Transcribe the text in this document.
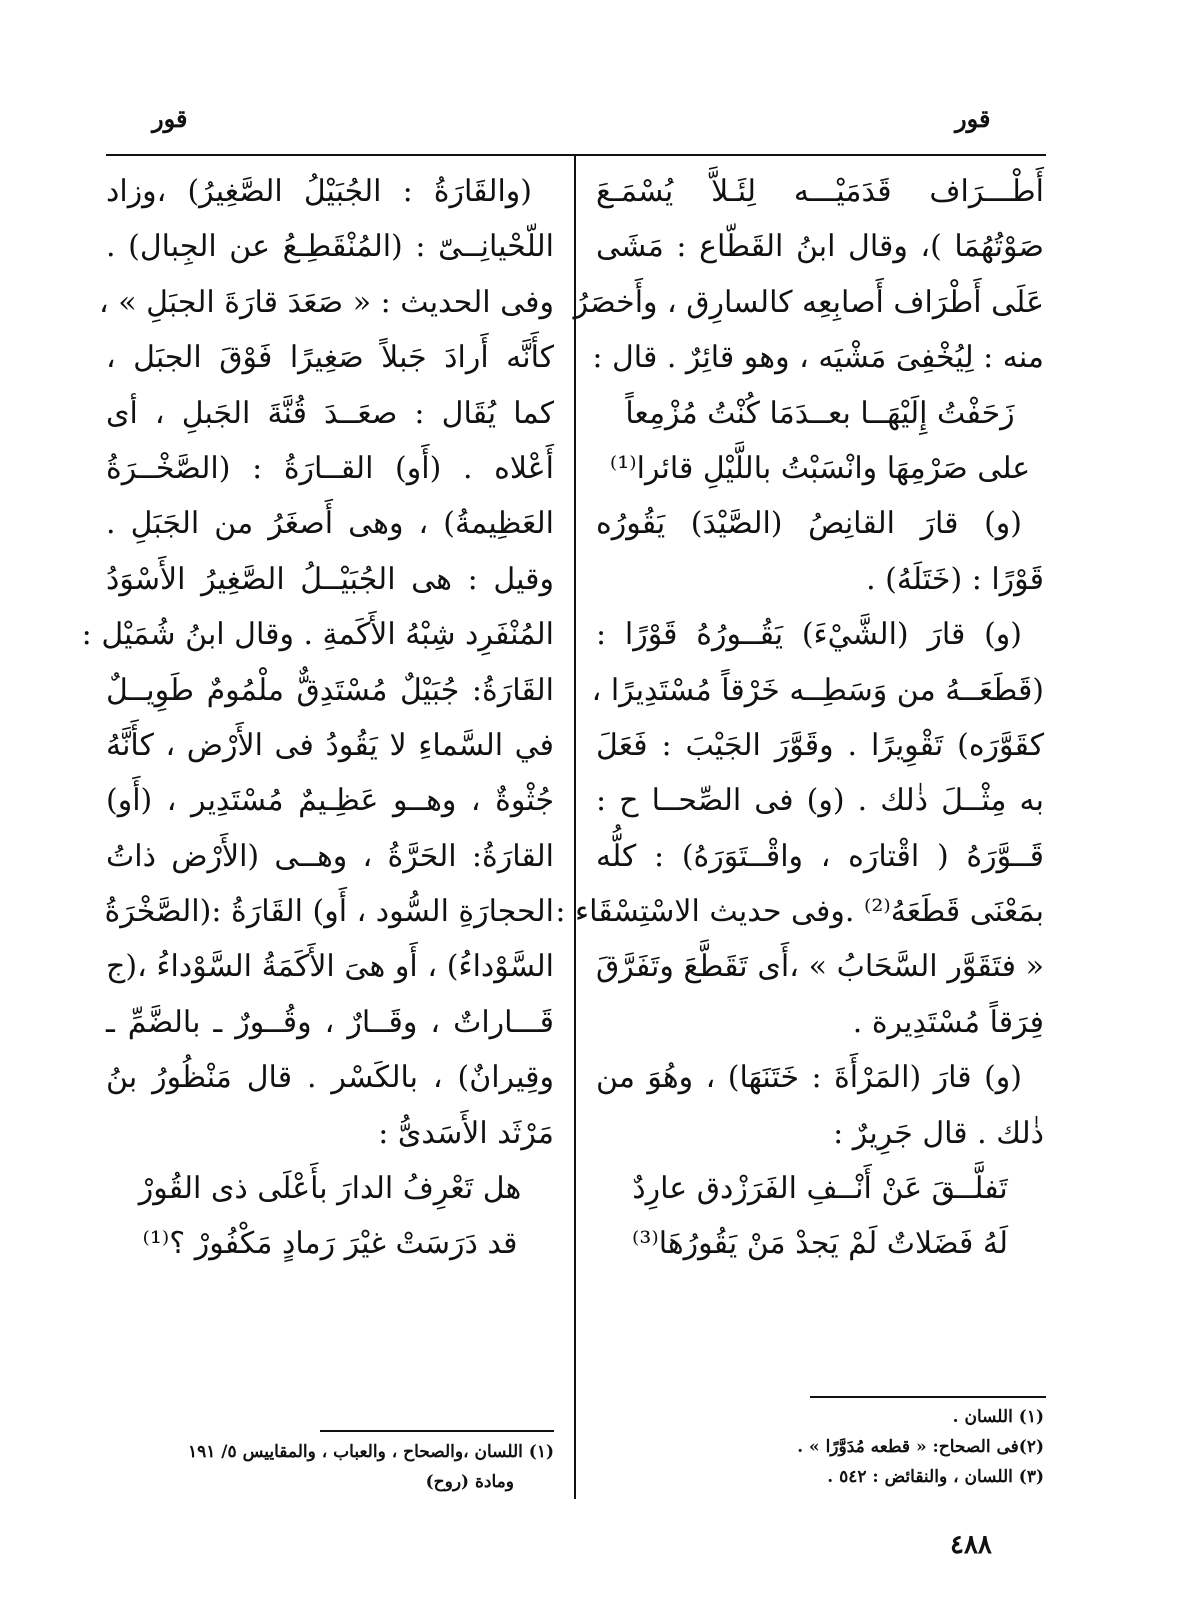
قور
قور
أَطْـــرَاف قَدَمَيْـــه لِئَـلاَّ يُسْمَـعَ
صَوْتُهُمَا )، وقال ابنُ القَطّاع : مَشَى
عَلَى أَطْرَاف أَصابِعِه كالسارِق ، وأَخصَرُ
منه : لِيُخْفِىَ مَشْيَه ، وهو قائِرٌ . قال :
زَحَفْتُ إِلَيْهَــا بعــدَمَا كُنْتُ مُزْمِعاً
على صَرْمِهَا وانْسَبْتُ باللَّيْلِ قائرا⁽¹⁾
(و) قارَ القانِصُ (الصَّيْدَ) يَقُورُه
قَوْرًا : (خَتَلَهُ) .
(و) قارَ (الشَّيْءَ) يَقُــورُهُ قَوْرًا :
(قَطَعَــهُ من وَسَطِــه خَرْقاً مُسْتَدِيرًا ،
كقَوَّرَه) تَقْوِيرًا . وقَوَّرَ الجَيْبَ : فَعَلَ
به مِثْــلَ ذٰلك . (و) فى الصِّحــا ح :
قَــوَّرَهُ ( اقْتارَه ، واقْــتَوَرَهُ) : كلُّه
بمَعْنَى قَطَعَهُ⁽²⁾ .وفى حديث الاسْتِسْقَاء :
« فتَقَوَّر السَّحَابُ » ،أَى تَقَطَّعَ وتَفَرَّقَ
فِرَقاً مُسْتَدِيرة .
(و) قارَ (المَرْأَةَ : خَتَنَهَا) ، وهُوَ من
ذٰلك . قال جَرِيرٌ :
تَفلَّــقَ عَنْ أَنْــفِ الفَرَزْدق عارِدٌ
لَهُ فَضَلاتٌ لَمْ يَجدْ مَنْ يَقُورُهَا⁽³⁾
(١) اللسان .
(٢)فى الصحاح: « قطعه مُدَوَّرًا » .
(٣) اللسان ، والنقائض : ٥٤٢ .
(والقَارَةُ : الجُبَيْلُ الصَّغِيرُ) ،وزاد
اللّحْيانِــىّ : (المُنْقَطِـعُ عن الجِبال) .
وفى الحديث : « صَعَدَ قارَةَ الجبَلِ » ،
كأَنَّه أَرادَ جَبلاً صَغِيرًا فَوْقَ الجبَل ،
كما يُقَال : صعَــدَ قُنَّةَ الجَبلِ ، أى
أَعْلاه . (أَو) القــارَةُ : (الصَّخْــرَةُ
العَظِيمةُ) ، وهى أَصغَرُ من الجَبَلِ .
وقيل : هى الجُبَيْــلُ الصَّغِيرُ الأَسْوَدُ
المُنْفَرِد شِبْهُ الأَكَمةِ . وقال ابنُ شُمَيْل :
القَارَةُ: جُبَيْلٌ مُسْتَدِقٌّ ملْمُومٌ طَوِيــلٌ
في السَّماءِ لا يَقُودُ فى الأَرْض ، كأَنَّهُ
جُثْوةٌ ، وهــو عَظِـيمٌ مُسْتَدِير ، (أَو)
القارَةُ: الحَرَّةُ ، وهــى (الأَرْض ذاتُ
الحجارَةِ السُّود ، أَو) القَارَةُ :(الصَّخْرَةُ
السَّوْداءُ) ، أَو هىَ الأَكَمَةُ السَّوْداءُ ،(ج
قَـــاراتٌ ، وقَــارٌ ، وقُــورٌ ـ بالضَّمِّ ـ
وقِيرانٌ) ، بالكَسْر . قال مَنْظُورُ بنُ
مَرْثَد الأَسَدىُّ :
هل تَعْرِفُ الدارَ بأَعْلَى ذى القُورْ
قد دَرَسَتْ غيْرَ رَمادٍ مَكْفُورْ ؟⁽¹⁾
(١) اللسان ،والصحاح ، والعباب ، والمقاييس ٥/ ١٩١
ومادة (روح)
٤٨٨
